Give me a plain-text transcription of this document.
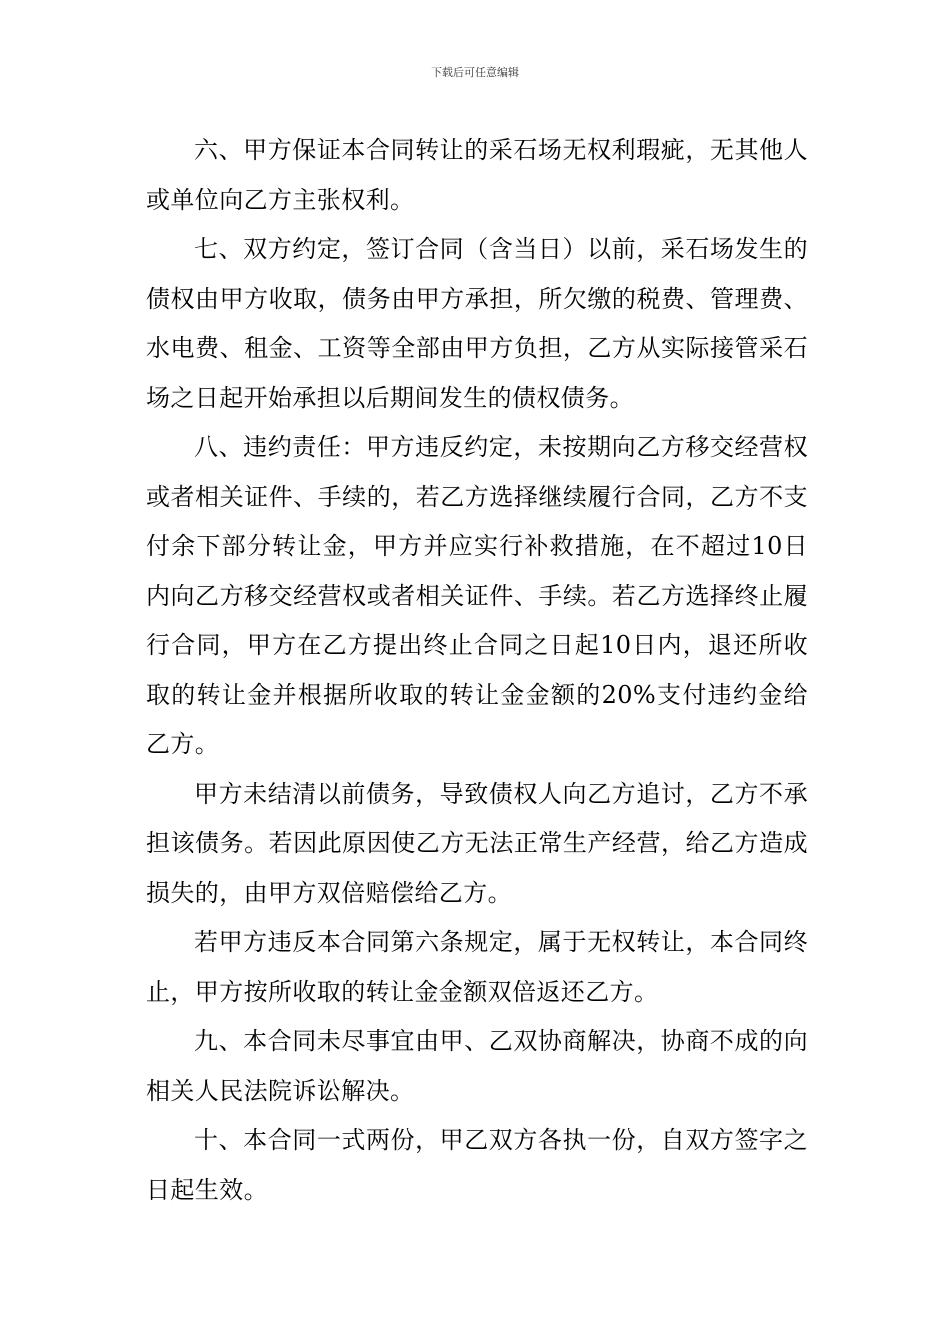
下载后可任意编辑

六、甲方保证本合同转让的采石场无权利瑕疵，无其他人或单位向乙方主张权利。

七、双方约定，签订合同（含当日）以前，采石场发生的债权由甲方收取，债务由甲方承担，所欠缴的税费、管理费、水电费、租金、工资等全部由甲方负担，乙方从实际接管采石场之日起开始承担以后期间发生的债权债务。

八、违约责任：甲方违反约定，未按期向乙方移交经营权或者相关证件、手续的，若乙方选择继续履行合同，乙方不支付余下部分转让金，甲方并应实行补救措施，在不超过10日内向乙方移交经营权或者相关证件、手续。若乙方选择终止履行合同，甲方在乙方提出终止合同之日起10日内，退还所收取的转让金并根据所收取的转让金金额的20%支付违约金给乙方。

甲方未结清以前债务，导致债权人向乙方追讨，乙方不承担该债务。若因此原因使乙方无法正常生产经营，给乙方造成损失的，由甲方双倍赔偿给乙方。

若甲方违反本合同第六条规定，属于无权转让，本合同终止，甲方按所收取的转让金金额双倍返还乙方。

九、本合同未尽事宜由甲、乙双协商解决，协商不成的向相关人民法院诉讼解决。

十、本合同一式两份，甲乙双方各执一份，自双方签字之日起生效。
